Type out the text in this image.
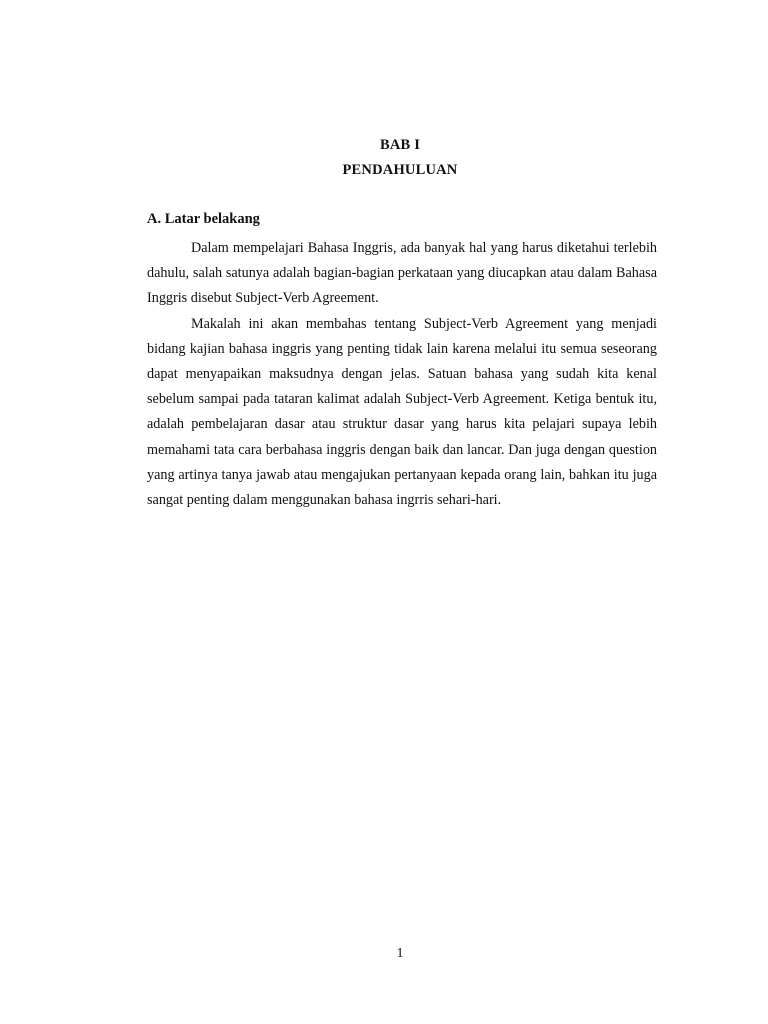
BAB I
PENDAHULUAN
A. Latar belakang

Dalam mempelajari Bahasa Inggris, ada banyak hal yang harus diketahui terlebih dahulu, salah satunya adalah bagian-bagian perkataan yang diucapkan atau dalam Bahasa Inggris disebut Subject-Verb Agreement.

Makalah ini akan membahas tentang Subject-Verb Agreement yang menjadi bidang kajian bahasa inggris yang penting tidak lain karena melalui itu semua seseorang dapat menyapaikan maksudnya dengan jelas. Satuan bahasa yang sudah kita kenal sebelum sampai pada tataran kalimat adalah Subject-Verb Agreement. Ketiga bentuk itu, adalah pembelajaran dasar atau struktur dasar yang harus kita pelajari supaya lebih memahami tata cara berbahasa inggris dengan baik dan lancar. Dan juga dengan question yang artinya tanya jawab atau mengajukan pertanyaan kepada orang lain, bahkan itu juga sangat penting dalam menggunakan bahasa ingrris sehari-hari.

1
